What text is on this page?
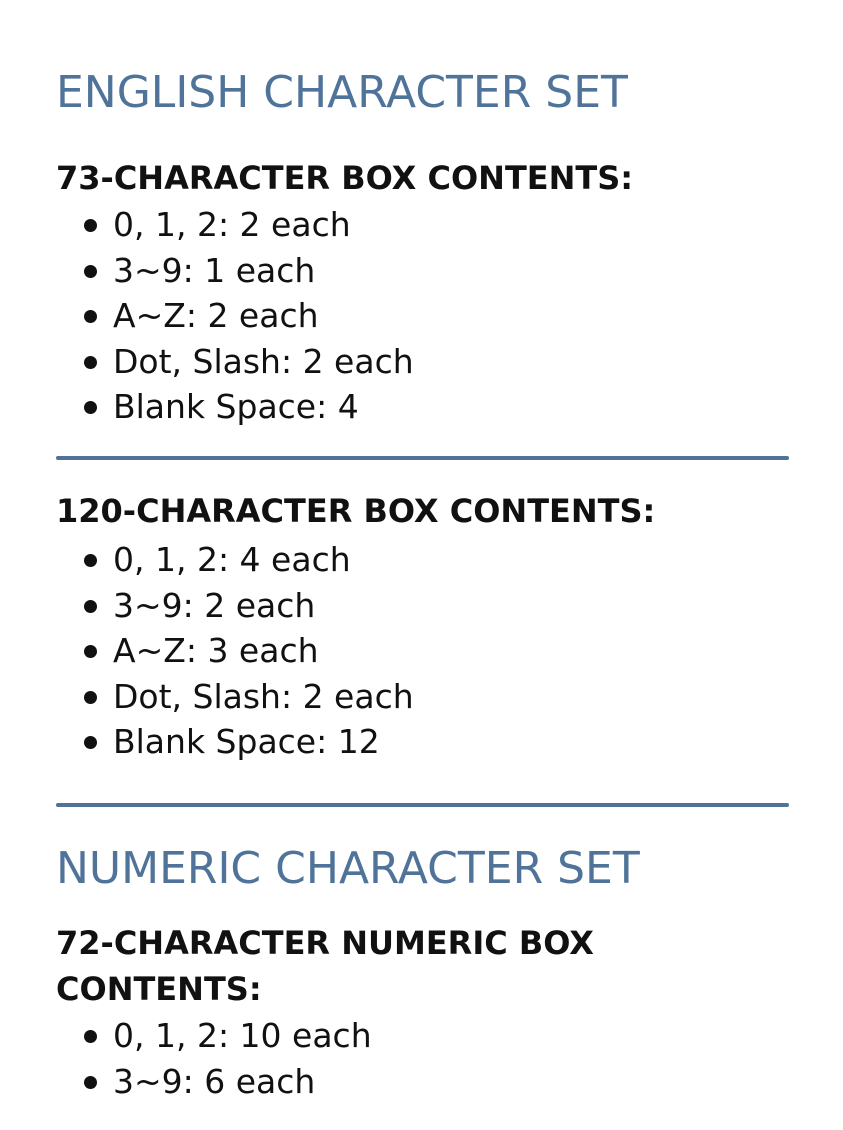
ENGLISH CHARACTER SET
73-CHARACTER BOX CONTENTS:
0, 1, 2: 2 each
3~9: 1 each
A~Z: 2 each
Dot, Slash: 2 each
Blank Space: 4
120-CHARACTER BOX CONTENTS:
0, 1, 2: 4 each
3~9: 2 each
A~Z: 3 each
Dot, Slash: 2 each
Blank Space: 12
NUMERIC CHARACTER SET
72-CHARACTER NUMERIC BOX
CONTENTS:
0, 1, 2: 10 each
3~9: 6 each
